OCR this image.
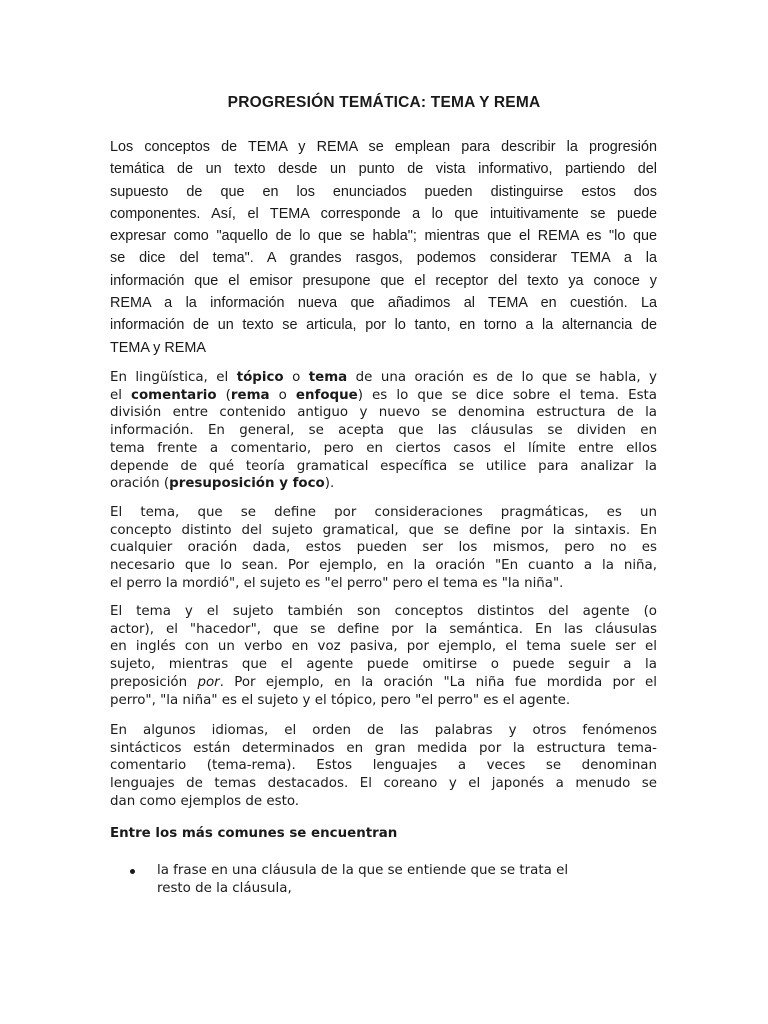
PROGRESIÓN TEMÁTICA: TEMA Y REMA
Los conceptos de TEMA y REMA se emplean para describir la progresión
temática de un texto desde un punto de vista informativo, partiendo del
supuesto de que en los enunciados pueden distinguirse estos dos
componentes. Así, el TEMA corresponde a lo que intuitivamente se puede
expresar como "aquello de lo que se habla"; mientras que el REMA es "lo que
se dice del tema". A grandes rasgos, podemos considerar TEMA a la
información que el emisor presupone que el receptor del texto ya conoce y
REMA a la información nueva que añadimos al TEMA en cuestión. La
información de un texto se articula, por lo tanto, en torno a la alternancia de
TEMA y REMA
En lingüística, el tópico o tema de una oración es de lo que se habla, y
el comentario (rema o enfoque) es lo que se dice sobre el tema. Esta
división entre contenido antiguo y nuevo se denomina estructura de la
información. En general, se acepta que las cláusulas se dividen en
tema frente a comentario, pero en ciertos casos el límite entre ellos
depende de qué teoría gramatical específica se utilice para analizar la
oración (presuposición y foco).
El tema, que se define por consideraciones pragmáticas, es un
concepto distinto del sujeto gramatical, que se define por la sintaxis. En
cualquier oración dada, estos pueden ser los mismos, pero no es
necesario que lo sean. Por ejemplo, en la oración "En cuanto a la niña,
el perro la mordió", el sujeto es "el perro" pero el tema es "la niña".
El tema y el sujeto también son conceptos distintos del agente (o
actor), el "hacedor", que se define por la semántica. En las cláusulas
en inglés con un verbo en voz pasiva, por ejemplo, el tema suele ser el
sujeto, mientras que el agente puede omitirse o puede seguir a la
preposición por. Por ejemplo, en la oración "La niña fue mordida por el
perro", "la niña" es el sujeto y el tópico, pero "el perro" es el agente.
En algunos idiomas, el orden de las palabras y otros fenómenos
sintácticos están determinados en gran medida por la estructura tema-
comentario (tema-rema). Estos lenguajes a veces se denominan
lenguajes de temas destacados. El coreano y el japonés a menudo se
dan como ejemplos de esto.
Entre los más comunes se encuentran
la frase en una cláusula de la que se entiende que se trata el
resto de la cláusula,
